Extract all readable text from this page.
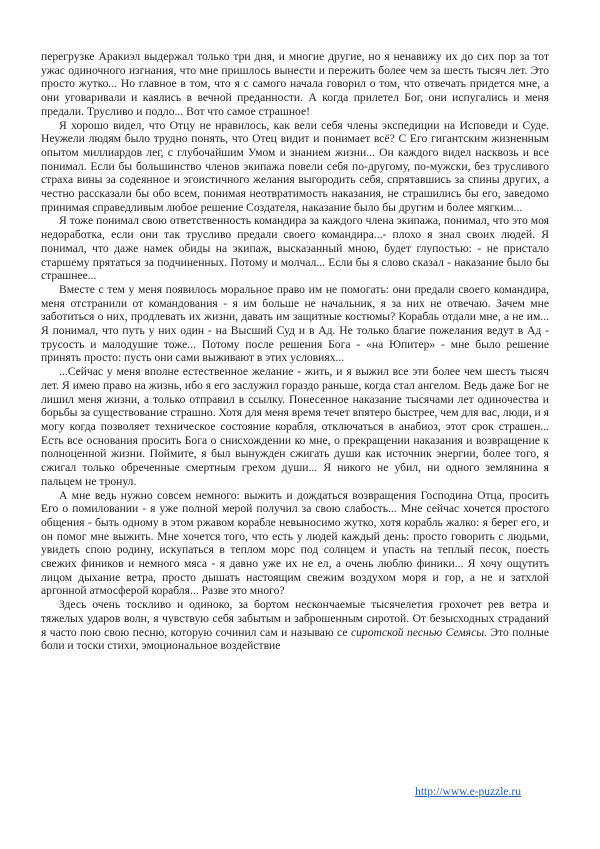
перегрузке Аракиэл выдержал только три дня, и многие другие, но я ненавижу их до сих пор за тот ужас одиночного изгнания, что мне пришлось вынести и пережить более чем за шесть тысяч лет. Это просто жутко... Но главное в том, что я с самого начала говорил о том, что отвечать придется мне, а они уговаривали и каялись в вечной преданности. А когда прилетел Бог, они испугались и меня предали. Трусливо и подло... Вот что самое страшное!

Я хорошо видел, что Отцу не нравилось, как вели себя члены экспедиции на Исповеди и Суде. Неужели людям было трудно понять, что Отец видит и понимает всё? С Его гигантским жизненным опытом миллиардов лег, с глубочайшим Умом и знанием жизни... Он каждого видел насквозь и все понимал. Если бы большинство членов экипажа повели себя по-другому, по-мужски, без трусливого страха вины за содеянное и эгоистичного желания выгородить себя, спрятавшись за спины других, а честно рассказали бы обо всем, понимая неотвратимость наказания, не страшились бы его, заведомо принимая справедливым любое решение Создателя, наказание было бы другим и более мягким...

Я тоже понимал свою ответственность командира за каждого члена экипажа, понимал, что это моя недоработка, если они так трусливо предали своего командира...- плохо я знал своих людей. Я понимал, что даже намек обиды на экипаж, высказанный мною, будет глупостью: - не пристало старшему прятаться за подчиненных. Потому и молчал... Если бы я слово сказал - наказание было бы страшнее...

Вместе с тем у меня появилось моральное право им не помогать: они предали своего командира, меня отстранили от командования - я им больше не начальник, я за них не отвечаю. Зачем мне заботиться о них, продлевать их жизни, давать им защитные костюмы? Корабль отдали мне, а не им... Я понимал, что путь у них один - на Высший Суд и в Ад. Не только благие пожелания ведут в Ад - трусость и малодушие тоже... Потому после решения Бога - «на Юпитер» - мне было решение принять просто: пусть они сами выживают в этих условиях...

...Сейчас у меня вполне естественное желание - жить, и я выжил все эти более чем шесть тысяч лет. Я имею право на жизнь, ибо я его заслужил гораздо раньше, когда стал ангелом. Ведь даже Бог не лишил меня жизни, а только отправил в ссылку. Понесенное наказание тысячами лет одиночества и борьбы за существование страшно. Хотя для меня время течет впятеро быстрее, чем для вас, люди, и я могу когда позволяет техническое состояние корабля, отключаться в анабиоз, этот срок страшен... Есть все основания просить Бога о снисхождении ко мне, о прекращении наказания и возвращение к полноценной жизни. Поймите, я был вынужден сжигать души как источник энергии, более того, я сжигал только обреченные смертным грехом души... Я никого не убил, ни одного землянина я пальцем не тронул.

А мне ведь нужно совсем немного: выжить и дождаться возвращения Господина Отца, просить Его о помиловании - я уже полной мерой получил за свою слабость... Мне сейчас хочется простого общения - быть одному в этом ржавом корабле невыносимо жутко, хотя корабль жалко: я берег его, и он помог мне выжить. Мне хочется того, что есть у людей каждый день: просто говорить с людьми, увидеть спою родину, искупаться в теплом морс под солнцем и упасть на теплый песок, поесть свежих фиников и немного мяса - я давно уже их не ел, а очень люблю финики... Я хочу ощутить лицом дыхание ветра, просто дышать настоящим свежим воздухом моря и гор, а не и затхлой аргонной атмосферой корабля... Разве это много?

Здесь очень тоскливо и одиноко, за бортом нескончаемые тысячелетия грохочет рев ветра и тяжелых ударов волн, я чувствую себя забытым и заброшенным сиротой. От безысходных страданий я часто пою свою песню, которую сочинил сам и называю се сиротской песнью Семясы. Это полные боли и тоски стихи, эмоциональное воздействие

http://www.e-puzzle.ru
